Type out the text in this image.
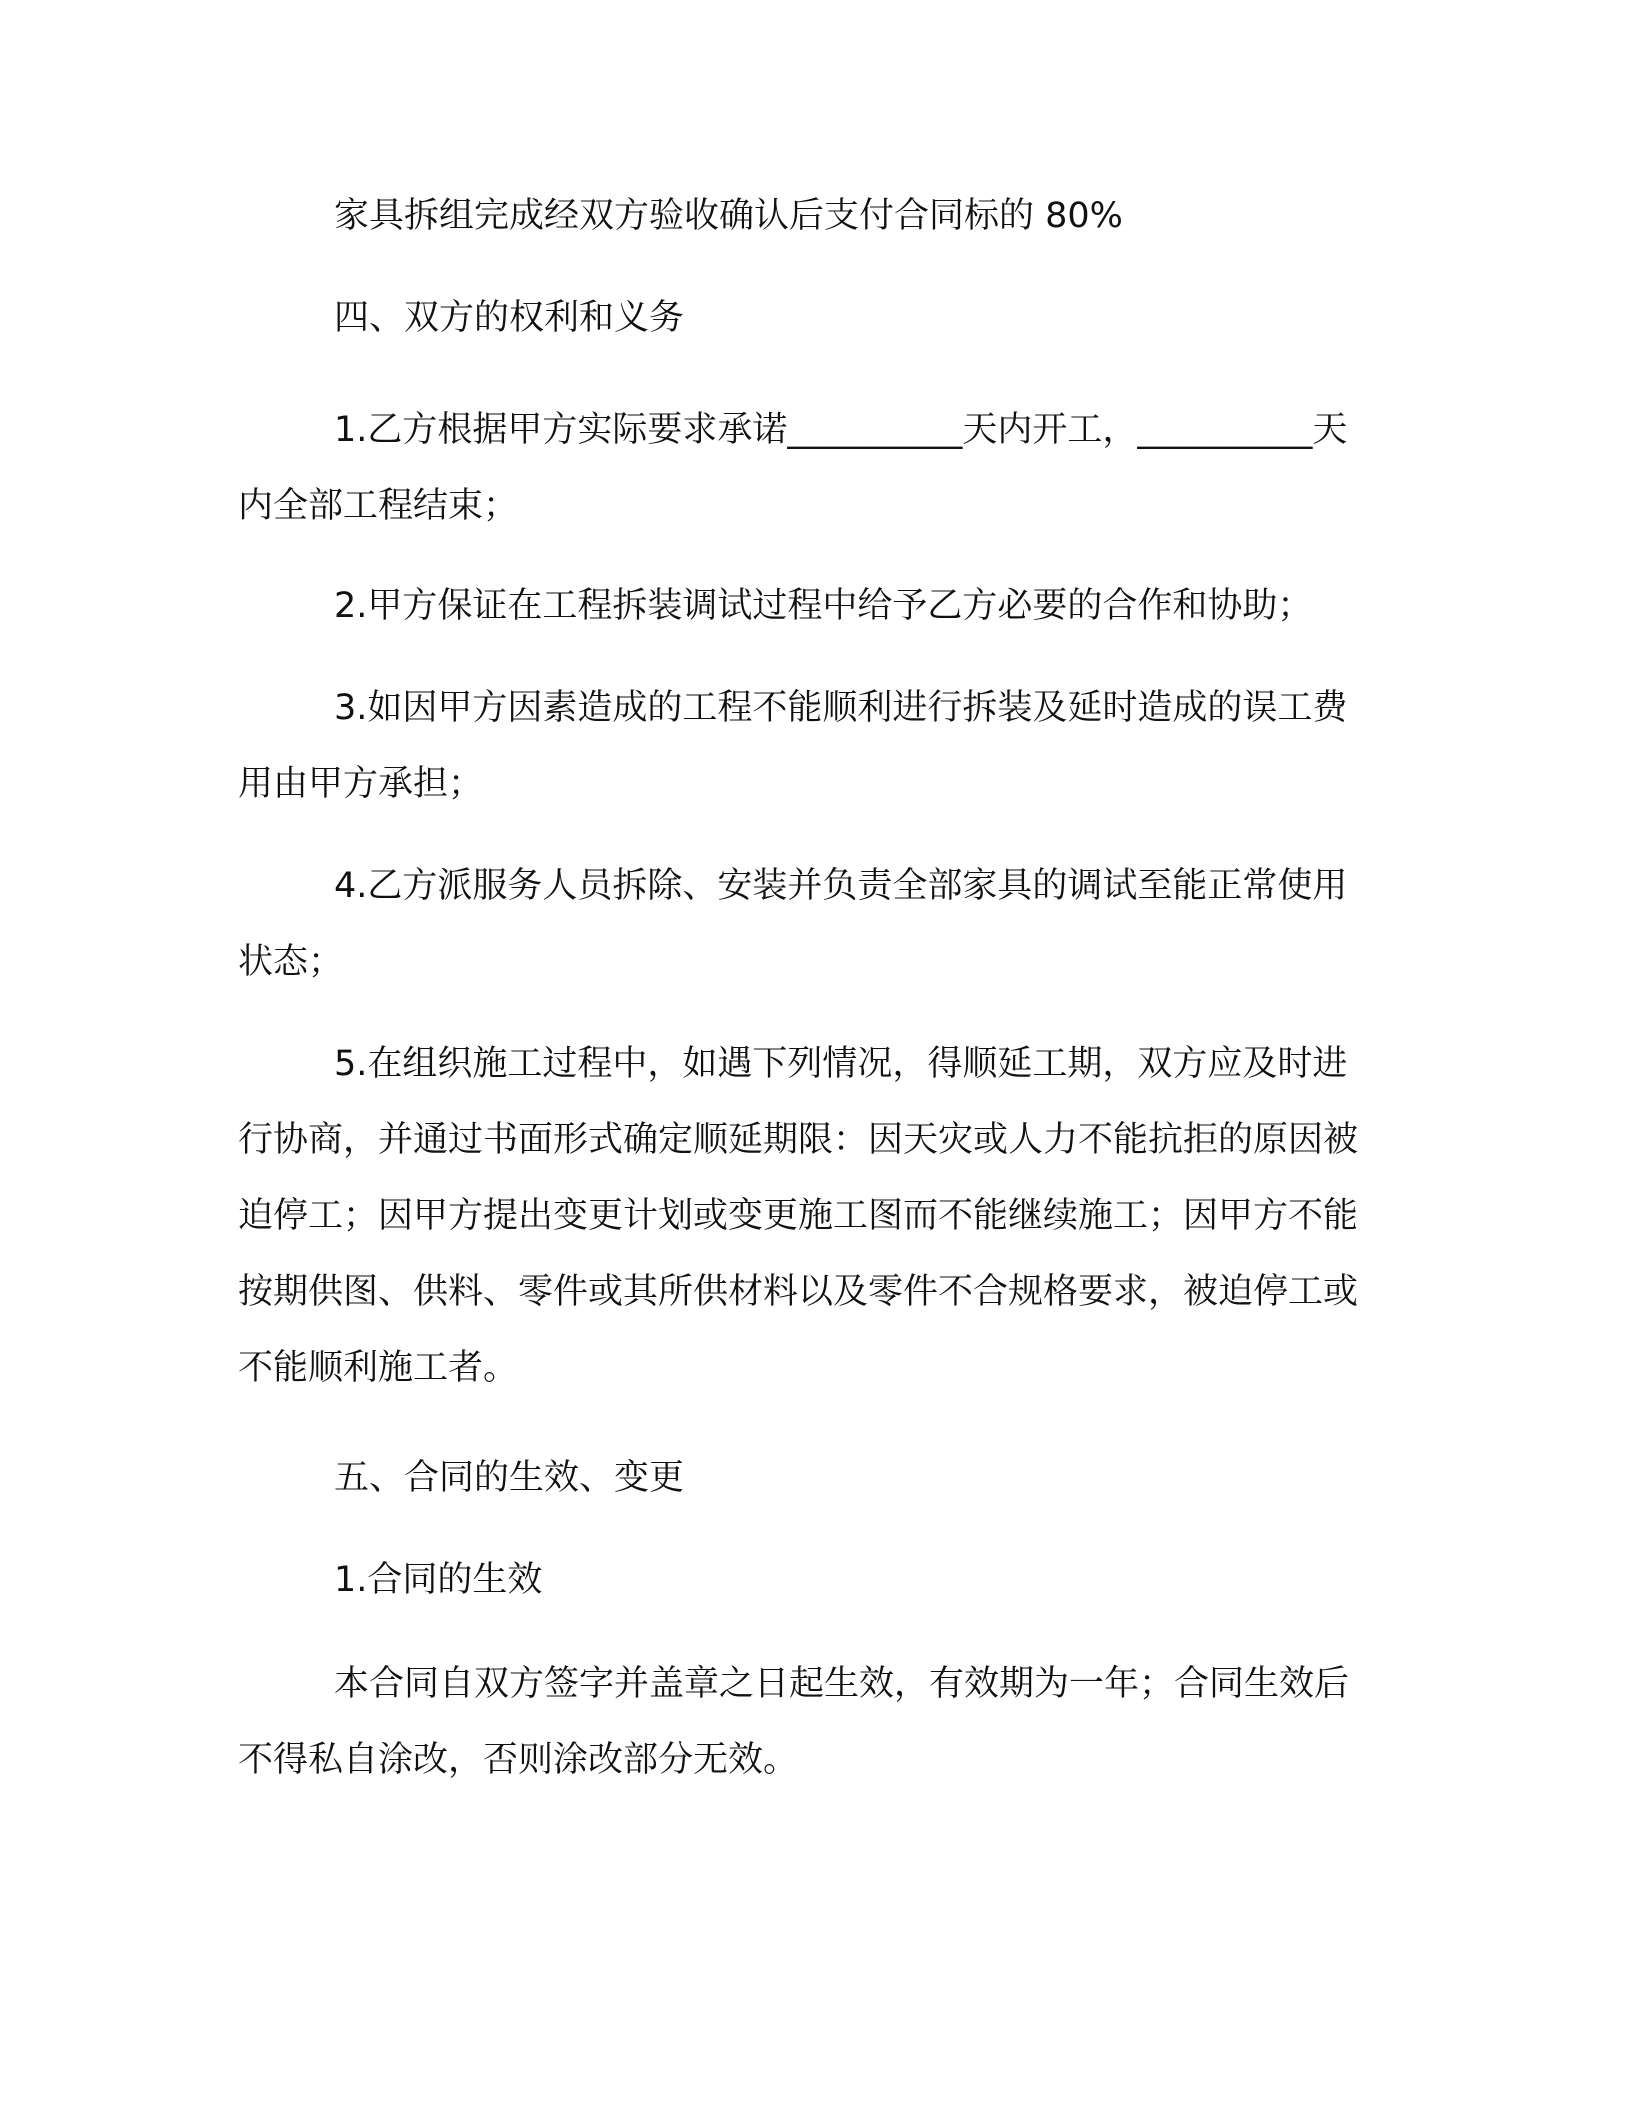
家具拆组完成经双方验收确认后支付合同标的 80%

四、双方的权利和义务

1.乙方根据甲方实际要求承诺__________天内开工，__________天内全部工程结束；

2.甲方保证在工程拆装调试过程中给予乙方必要的合作和协助；

3.如因甲方因素造成的工程不能顺利进行拆装及延时造成的误工费用由甲方承担；

4.乙方派服务人员拆除、安装并负责全部家具的调试至能正常使用状态；

5.在组织施工过程中，如遇下列情况，得顺延工期，双方应及时进行协商，并通过书面形式确定顺延期限：因天灾或人力不能抗拒的原因被迫停工；因甲方提出变更计划或变更施工图而不能继续施工；因甲方不能按期供图、供料、零件或其所供材料以及零件不合规格要求，被迫停工或不能顺利施工者。

五、合同的生效、变更

1.合同的生效

本合同自双方签字并盖章之日起生效，有效期为一年；合同生效后不得私自涂改，否则涂改部分无效。
